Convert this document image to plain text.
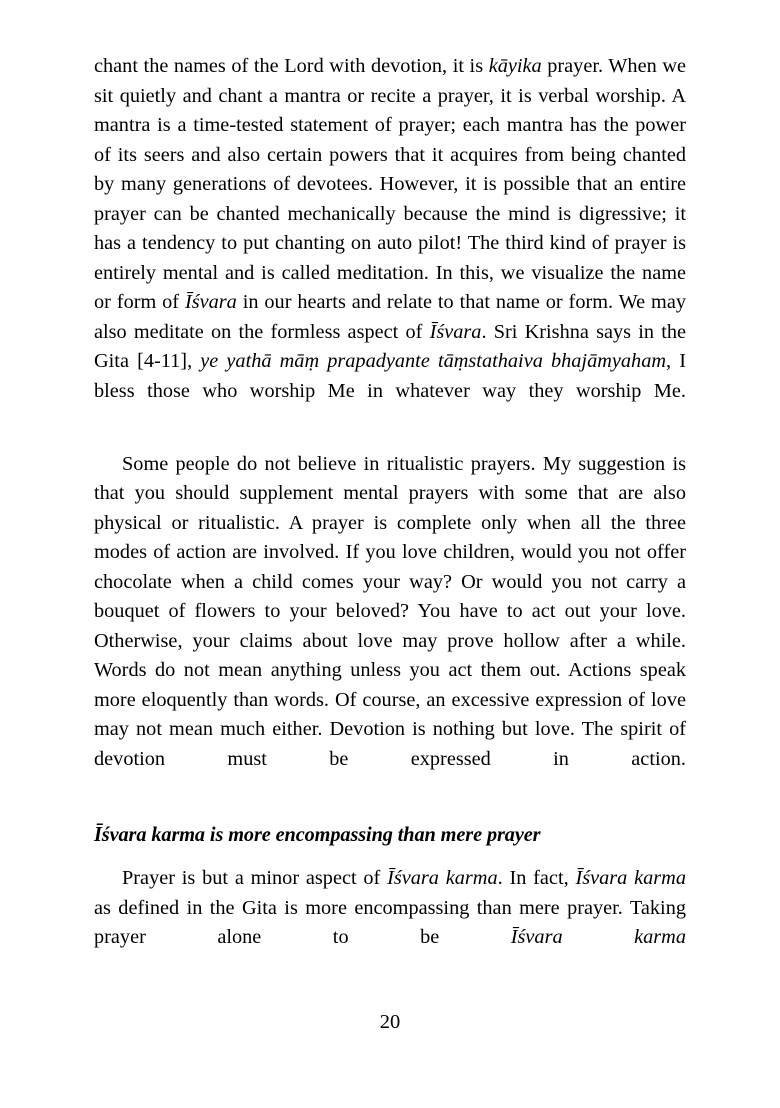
chant the names of the Lord with devotion, it is kāyika prayer. When we sit quietly and chant a mantra or recite a prayer, it is verbal worship. A mantra is a time-tested statement of prayer; each mantra has the power of its seers and also certain powers that it acquires from being chanted by many generations of devotees. However, it is possible that an entire prayer can be chanted mechanically because the mind is digressive; it has a tendency to put chanting on auto pilot! The third kind of prayer is entirely mental and is called meditation. In this, we visualize the name or form of Īśvara in our hearts and relate to that name or form. We may also meditate on the formless aspect of Īśvara. Sri Krishna says in the Gita [4-11], ye yathā māṃ prapadyante tāṃstathaiva bhajāmyaham, I bless those who worship Me in whatever way they worship Me.

Some people do not believe in ritualistic prayers. My suggestion is that you should supplement mental prayers with some that are also physical or ritualistic. A prayer is complete only when all the three modes of action are involved. If you love children, would you not offer chocolate when a child comes your way? Or would you not carry a bouquet of flowers to your beloved? You have to act out your love. Otherwise, your claims about love may prove hollow after a while. Words do not mean anything unless you act them out. Actions speak more eloquently than words. Of course, an excessive expression of love may not mean much either. Devotion is nothing but love. The spirit of devotion must be expressed in action.

Īśvara karma is more encompassing than mere prayer

Prayer is but a minor aspect of Īśvara karma. In fact, Īśvara karma as defined in the Gita is more encompassing than mere prayer. Taking prayer alone to be Īśvara karma

20
